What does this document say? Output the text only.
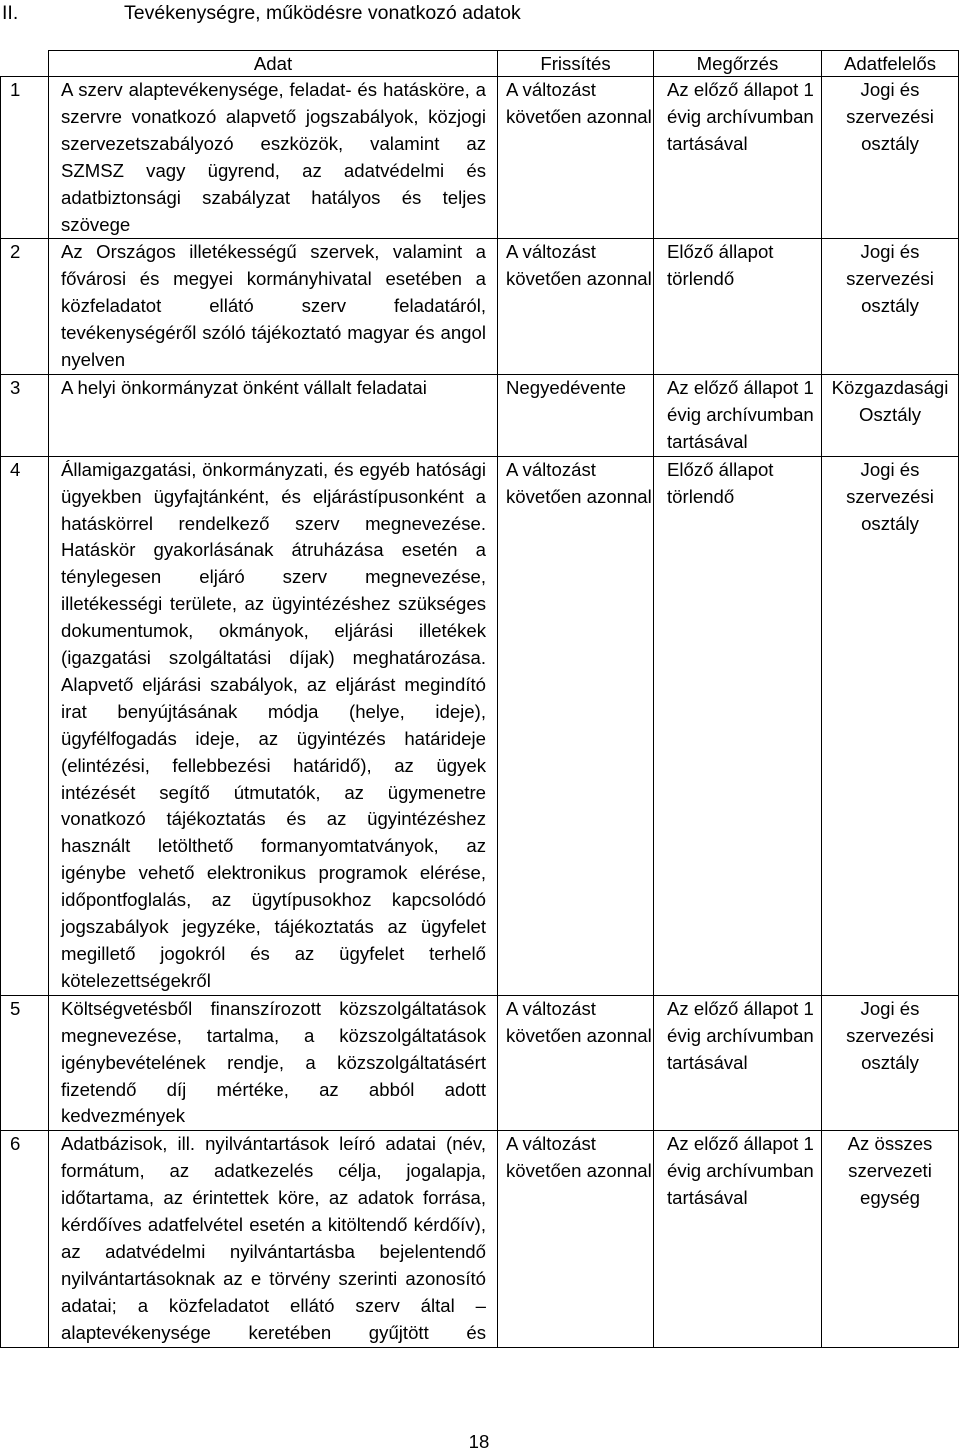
II.	Tevékenységre, működésre vonatkozó adatok
	Adat	Frissítés	Megőrzés	Adatfelelős
1	A szerv alaptevékenysége, feladat- és hatásköre, a szervre vonatkozó alapvető jogszabályok, közjogi szervezetszabályozó eszközök, valamint az SZMSZ vagy ügyrend, az adatvédelmi és adatbiztonsági szabályzat hatályos és teljes szövege	A változást követően azonnal	Az előző állapot 1 évig archívumban tartásával	Jogi és szervezési osztály
2	Az Országos illetékességű szervek, valamint a fővárosi és megyei kormányhivatal esetében a közfeladatot ellátó szerv feladatáról, tevékenységéről szóló tájékoztató magyar és angol nyelven	A változást követően azonnal	Előző állapot törlendő	Jogi és szervezési osztály
3	A helyi önkormányzat önként vállalt feladatai	Negyedévente	Az előző állapot 1 évig archívumban tartásával	Közgazdasági Osztály
4	Államigazgatási, önkormányzati, és egyéb hatósági ügyekben ügyfajtánként, és eljárástípusonként a hatáskörrel rendelkező szerv megnevezése. Hatáskör gyakorlásának átruházása esetén a ténylegesen eljáró szerv megnevezése, illetékességi területe, az ügyintézéshez szükséges dokumentumok, okmányok, eljárási illetékek (igazgatási szolgáltatási díjak) meghatározása. Alapvető eljárási szabályok, az eljárást megindító irat benyújtásának módja (helye, ideje), ügyfélfogadás ideje, az ügyintézés határideje (elintézési, fellebbezési határidő), az ügyek intézését segítő útmutatók, az ügymenetre vonatkozó tájékoztatás és az ügyintézéshez használt letölthető formanyomtatványok, az igénybe vehető elektronikus programok elérése, időpontfoglalás, az ügytípusokhoz kapcsolódó jogszabályok jegyzéke, tájékoztatás az ügyfelet megillető jogokról és az ügyfelet terhelő kötelezettségekről	A változást követően azonnal	Előző állapot törlendő	Jogi és szervezési osztály
5	Költségvetésből finanszírozott közszolgáltatások megnevezése, tartalma, a közszolgáltatások igénybevételének rendje, a közszolgáltatásért fizetendő díj mértéke, az abból adott kedvezmények	A változást követően azonnal	Az előző állapot 1 évig archívumban tartásával	Jogi és szervezési osztály
6	Adatbázisok, ill. nyilvántartások leíró adatai (név, formátum, az adatkezelés célja, jogalapja, időtartama, az érintettek köre, az adatok forrása, kérdőíves adatfelvétel esetén a kitöltendő kérdőív), az adatvédelmi nyilvántartásba bejelentendő nyilvántartásoknak az e törvény szerinti azonosító adatai; a közfeladatot ellátó szerv által – alaptevékenysége keretében gyűjtött és	A változást követően azonnal	Az előző állapot 1 évig archívumban tartásával	Az összes szervezeti egység
18
